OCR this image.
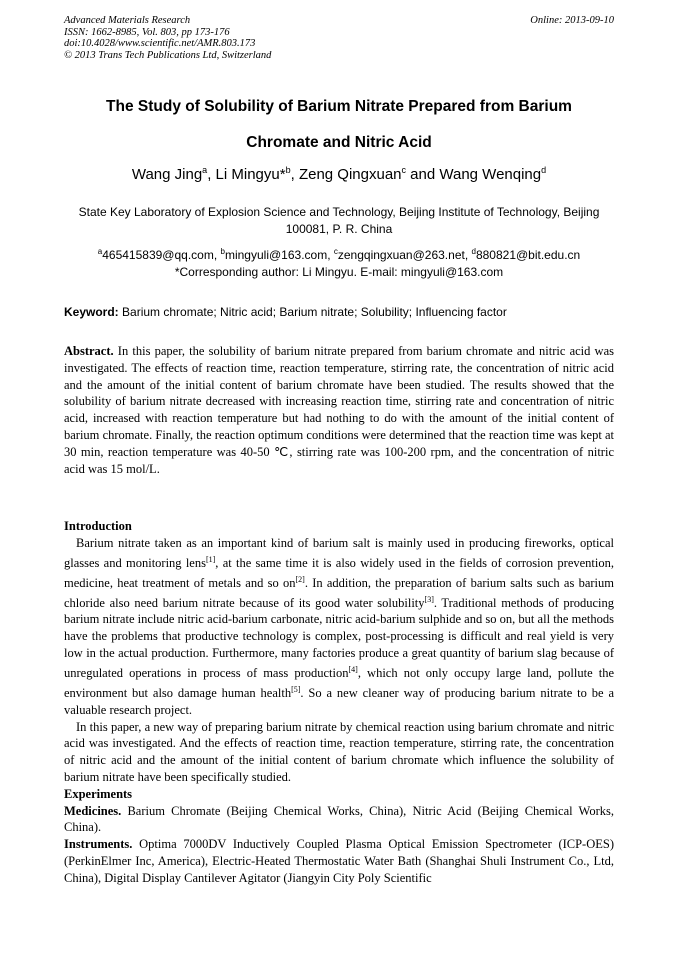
Advanced Materials Research
ISSN: 1662-8985, Vol. 803, pp 173-176
doi:10.4028/www.scientific.net/AMR.803.173
© 2013 Trans Tech Publications Ltd, Switzerland
Online: 2013-09-10
The Study of Solubility of Barium Nitrate Prepared from Barium
Chromate and Nitric Acid
Wang Jing$^a$, Li Mingyu*$^b$, Zeng Qingxuan$^c$ and Wang Wenqing$^d$
State Key Laboratory of Explosion Science and Technology, Beijing Institute of Technology, Beijing 100081, P. R. China
$^a$465415839@qq.com, $^b$mingyuli@163.com, $^c$zengqingxuan@263.net, $^d$880821@bit.edu.cn
*Corresponding author: Li Mingyu. E-mail: mingyuli@163.com
Keyword: Barium chromate; Nitric acid; Barium nitrate; Solubility; Influencing factor

Abstract. In this paper, the solubility of barium nitrate prepared from barium chromate and nitric acid was investigated. The effects of reaction time, reaction temperature, stirring rate, the concentration of nitric acid and the amount of the initial content of barium chromate have been studied. The results showed that the solubility of barium nitrate decreased with increasing reaction time, stirring rate and concentration of nitric acid, increased with reaction temperature but had nothing to do with the amount of the initial content of barium chromate. Finally, the reaction optimum conditions were determined that the reaction time was kept at 30 min, reaction temperature was 40-50 ℃, stirring rate was 100-200 rpm, and the concentration of nitric acid was 15 mol/L.

Introduction

Barium nitrate taken as an important kind of barium salt is mainly used in producing fireworks, optical glasses and monitoring lens[1], at the same time it is also widely used in the fields of corrosion prevention, medicine, heat treatment of metals and so on[2]. In addition, the preparation of barium salts such as barium chloride also need barium nitrate because of its good water solubility[3]. Traditional methods of producing barium nitrate include nitric acid-barium carbonate, nitric acid-barium sulphide and so on, but all the methods have the problems that productive technology is complex, post-processing is difficult and real yield is very low in the actual production. Furthermore, many factories produce a great quantity of barium slag because of unregulated operations in process of mass production[4], which not only occupy large land, pollute the environment but also damage human health[5]. So a new cleaner way of producing barium nitrate to be a valuable research project.

In this paper, a new way of preparing barium nitrate by chemical reaction using barium chromate and nitric acid was investigated. And the effects of reaction time, reaction temperature, stirring rate, the concentration of nitric acid and the amount of the initial content of barium chromate which influence the solubility of barium nitrate have been specifically studied.

Experiments

Medicines. Barium Chromate (Beijing Chemical Works, China), Nitric Acid (Beijing Chemical Works, China).

Instruments. Optima 7000DV Inductively Coupled Plasma Optical Emission Spectrometer (ICP-OES) (PerkinElmer Inc, America), Electric-Heated Thermostatic Water Bath (Shanghai Shuli Instrument Co., Ltd, China), Digital Display Cantilever Agitator (Jiangyin City Poly Scientific
